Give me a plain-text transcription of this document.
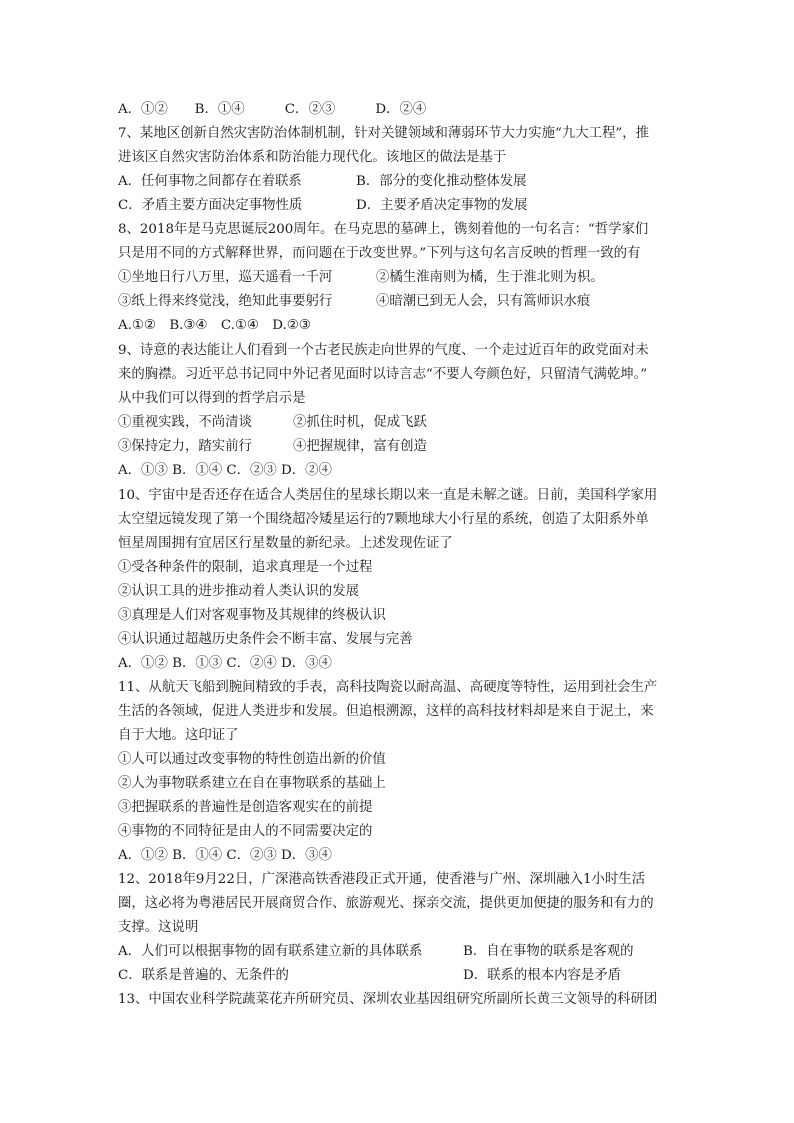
A．①②　　B．①④　　　C．②③　　　D．②④
7、某地区创新自然灾害防治体制机制，针对关键领域和薄弱环节大力实施“九大工程”，推
进该区自然灾害防治体系和防治能力现代化。该地区的做法是基于
A．任何事物之间都存在着联系	B．部分的变化推动整体发展
C．矛盾主要方面决定事物性质	D．主要矛盾决定事物的发展
8、2018年是马克思诞辰200周年。在马克思的墓碑上，镌刻着他的一句名言：“哲学家们
只是用不同的方式解释世界，而问题在于改变世界。”下列与这句名言反映的哲理一致的有
①坐地日行八万里，巡天遥看一千河	②橘生淮南则为橘，生于淮北则为枳。
③纸上得来终觉浅，绝知此事要躬行	④暗潮已到无人会，只有篙师识水痕
A.①②　B.③④　C.①④　D.②③
9、诗意的表达能让人们看到一个古老民族走向世界的气度、一个走过近百年的政党面对未
来的胸襟。习近平总书记同中外记者见面时以诗言志“不要人夸颜色好，只留清气满乾坤。”
从中我们可以得到的哲学启示是
①重视实践，不尚清谈	②抓住时机，促成飞跃
③保持定力，踏实前行	④把握规律，富有创造
A．①③ B．①④ C．②③ D．②④
10、宇宙中是否还存在适合人类居住的星球长期以来一直是未解之谜。日前，美国科学家用
太空望远镜发现了第一个围绕超冷矮星运行的7颗地球大小行星的系统，创造了太阳系外单
恒星周围拥有宜居区行星数量的新纪录。上述发现佐证了
①受各种条件的限制，追求真理是一个过程
②认识工具的进步推动着人类认识的发展
③真理是人们对客观事物及其规律的终极认识
④认识通过超越历史条件会不断丰富、发展与完善
A．①② B．①③ C．②④ D．③④
11、从航天飞船到腕间精致的手表，高科技陶瓷以耐高温、高硬度等特性，运用到社会生产
生活的各领域，促进人类进步和发展。但追根溯源，这样的高科技材料却是来自于泥土，来
自于大地。这印证了
①人可以通过改变事物的特性创造出新的价值
②人为事物联系建立在自在事物联系的基础上
③把握联系的普遍性是创造客观实在的前提
④事物的不同特征是由人的不同需要决定的
A．①② B．①④ C．②③ D．③④
12、2018年9月22日，广深港高铁香港段正式开通，使香港与广州、深圳融入1小时生活
圈，这必将为粤港居民开展商贸合作、旅游观光、探亲交流，提供更加便捷的服务和有力的
支撑。这说明
A．人们可以根据事物的固有联系建立新的具体联系	B．自在事物的联系是客观的
C．联系是普遍的、无条件的	D．联系的根本内容是矛盾
13、中国农业科学院蔬菜花卉所研究员、深圳农业基因组研究所副所长黄三文领导的科研团
